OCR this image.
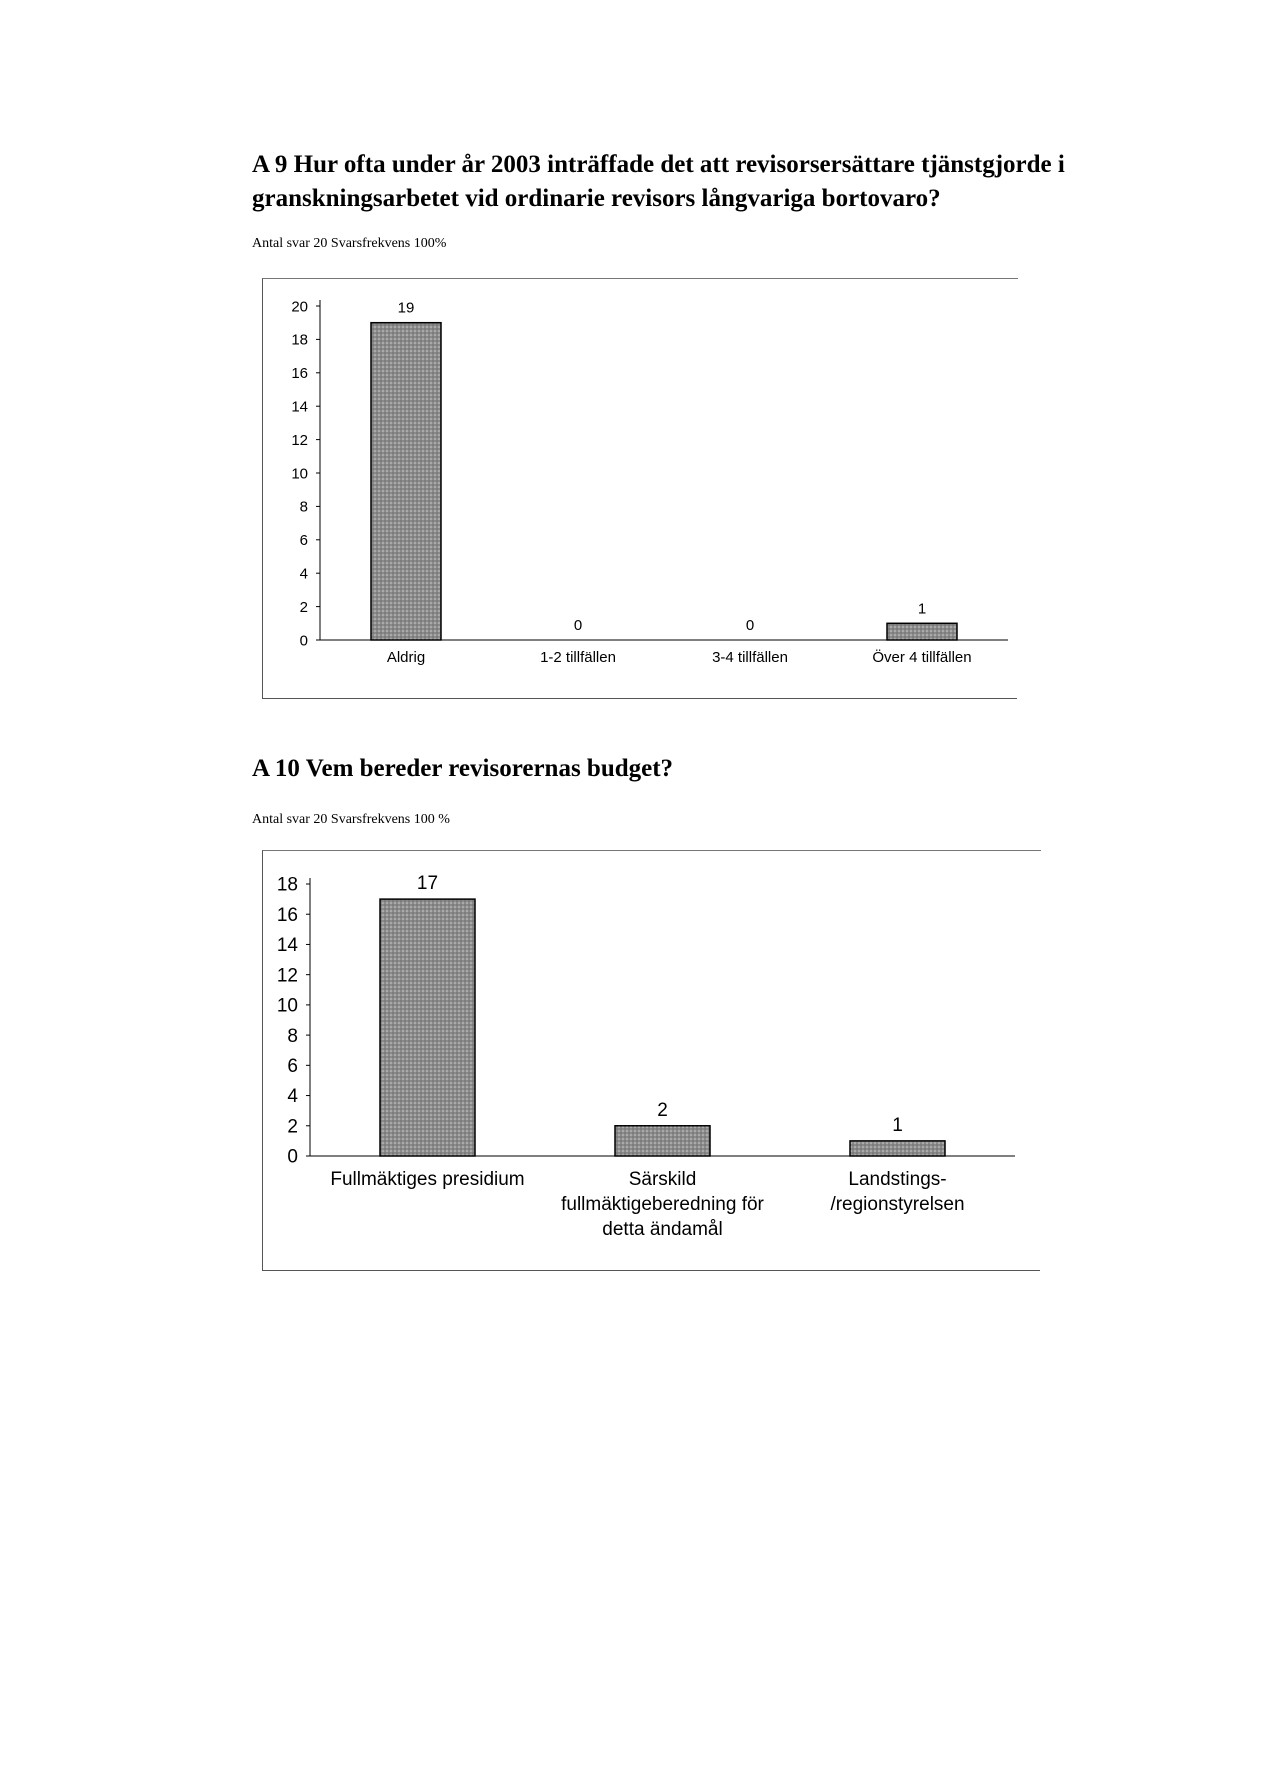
A 9 Hur ofta under år 2003 inträffade det att revisorsersättare tjänstgjorde i granskningsarbetet vid ordinarie revisors långvariga bortovaro?
Antal svar 20 Svarsfrekvens 100%
0
2
4
6
8
10
12
14
16
18
20	19
Aldrig
0
1-2 tillfällen
0
3-4 tillfällen
1
Över 4 tillfällen
A 10 Vem bereder revisorernas budget?
Antal svar 20 Svarsfrekvens 100 %
0
2
4
6
8
10
12
14
16
18	17
Fullmäktiges presidium
2
Särskild fullmäktigeberedning för detta ändamål
1
Landstings-/regionstyrelsen
